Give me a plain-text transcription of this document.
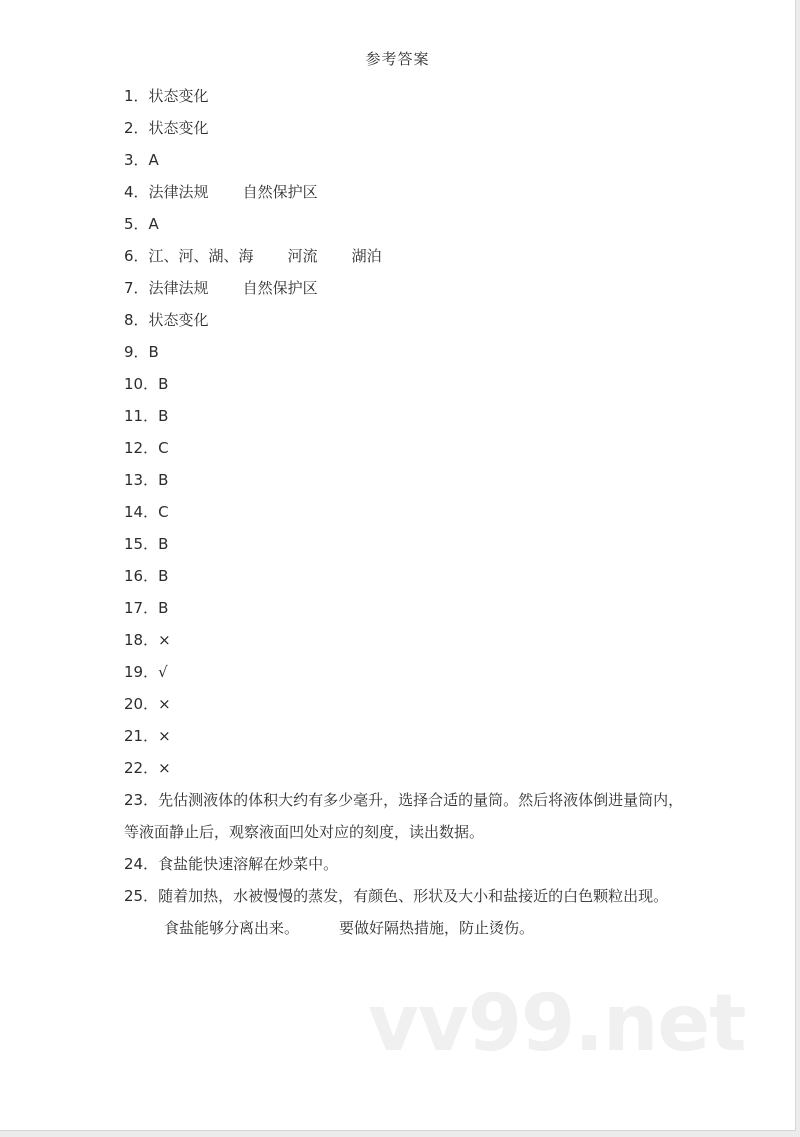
参考答案
1．状态变化
2．状态变化
3．A
4．法律法规 自然保护区
5．A
6．江、河、湖、海 河流 湖泊
7．法律法规 自然保护区
8．状态变化
9．B
10．B
11．B
12．C
13．B
14．C
15．B
16．B
17．B
18．×
19．√
20．×
21．×
22．×
23．先估测液体的体积大约有多少毫升，选择合适的量筒。然后将液体倒进量筒内，等液面静止后，观察液面凹处对应的刻度，读出数据。
24．食盐能快速溶解在炒菜中。
25．随着加热，水被慢慢的蒸发，有颜色、形状及大小和盐接近的白色颗粒出现。食盐能够分离出来。	要做好隔热措施，防止烫伤。
vv99.net
